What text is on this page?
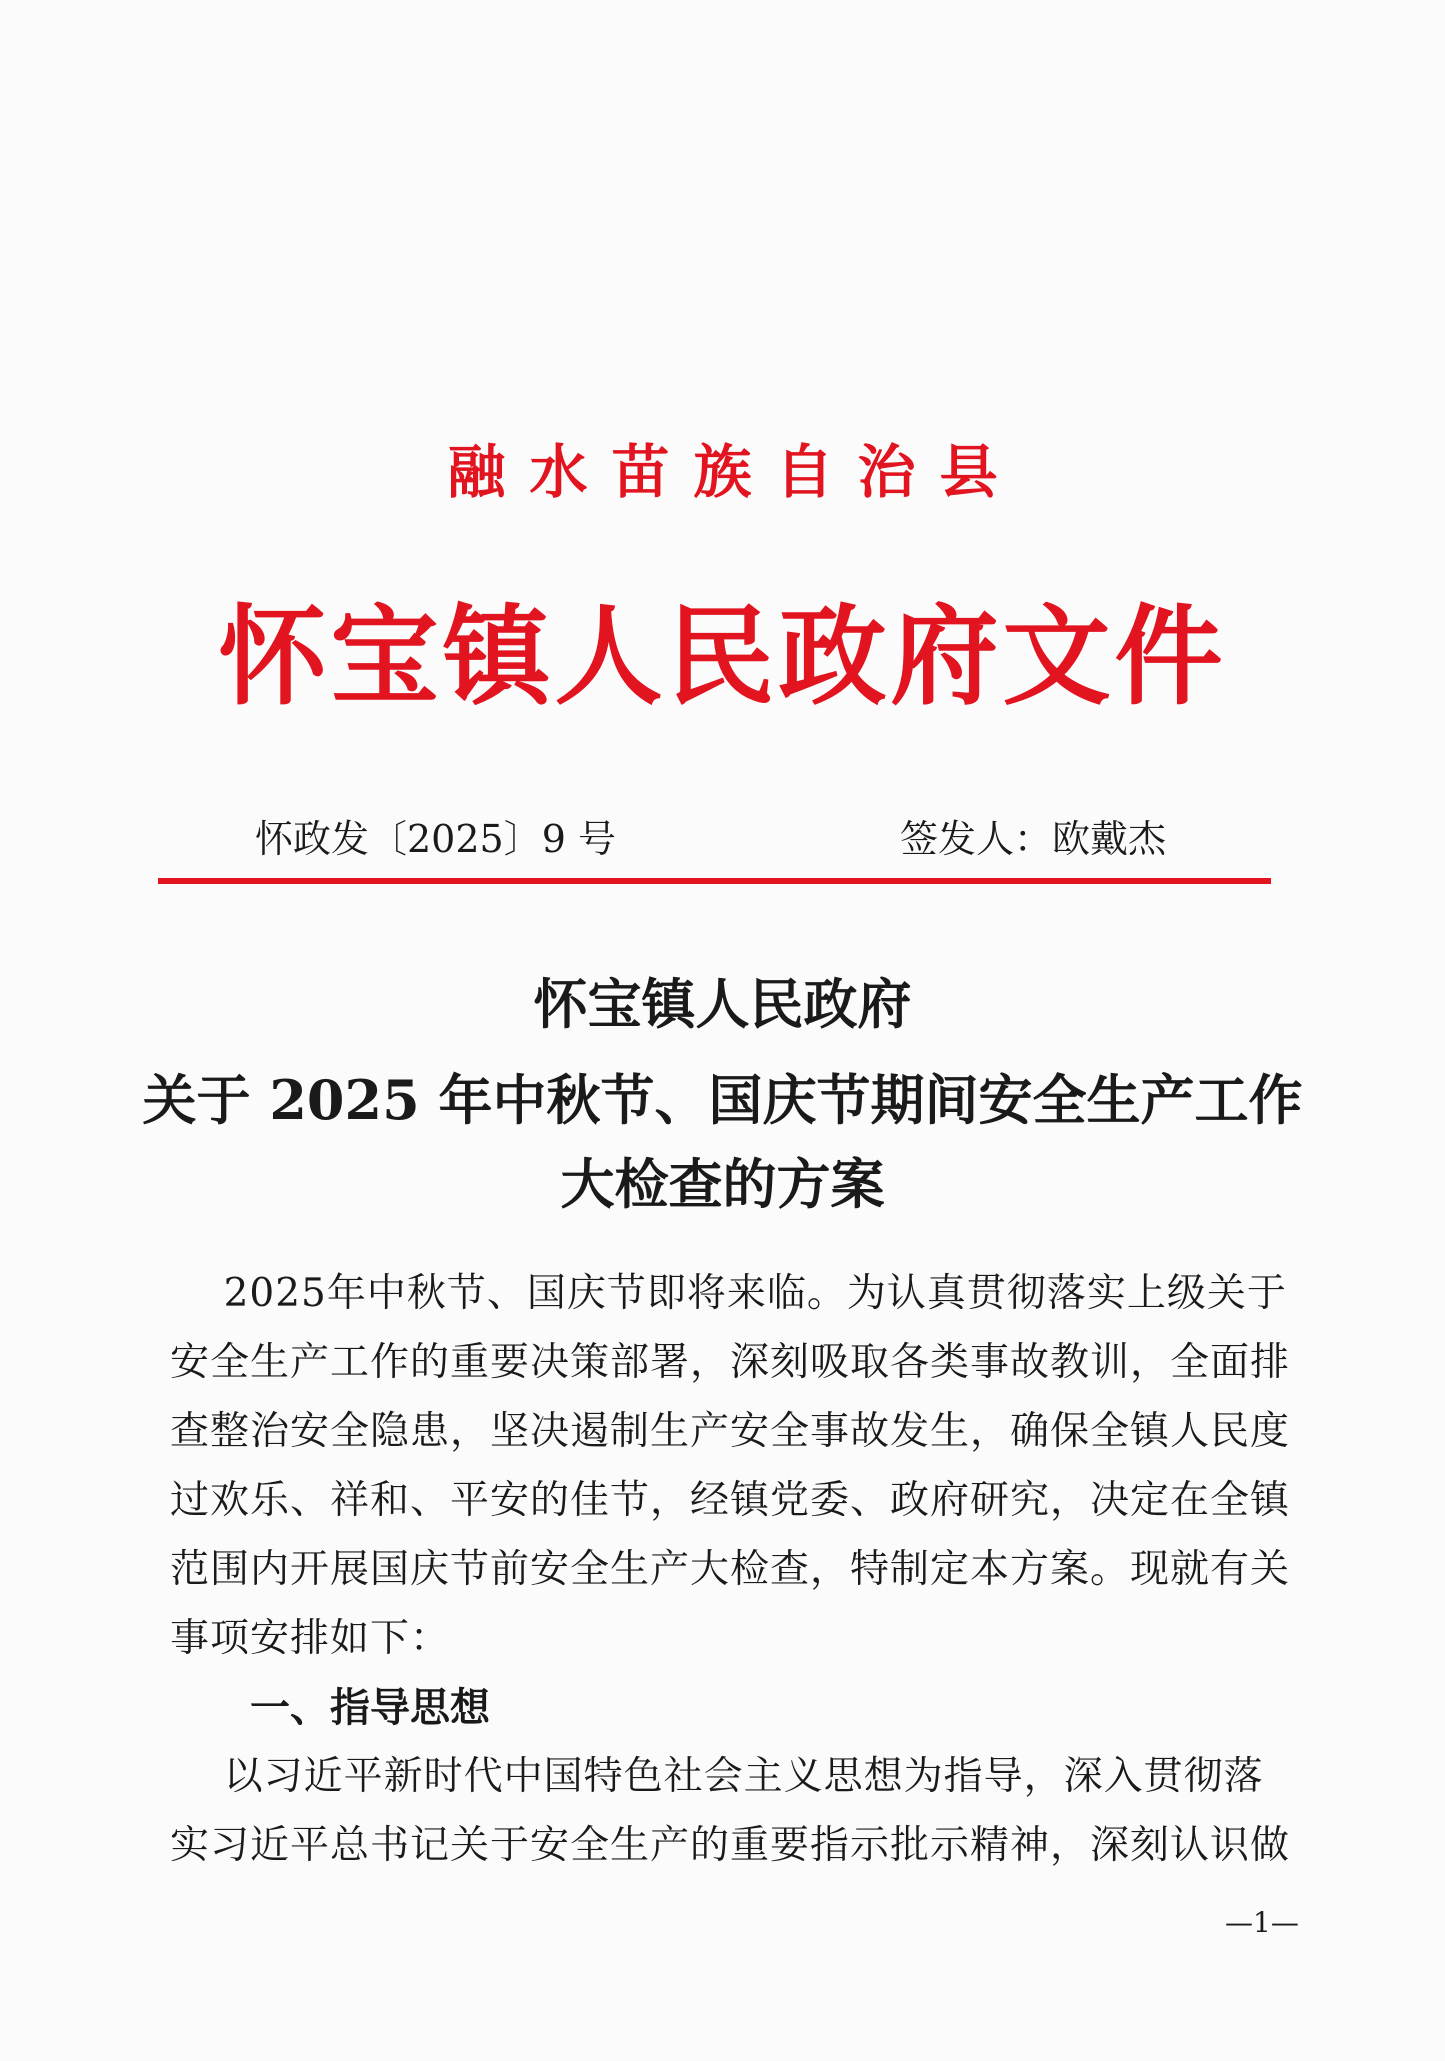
融水苗族自治县
怀宝镇人民政府文件
怀政发〔2025〕9 号	签发人：欧戴杰
怀宝镇人民政府
关于 2025 年中秋节、国庆节期间安全生产工作
大检查的方案
2025年中秋节、国庆节即将来临。为认真贯彻落实上级关于
安全生产工作的重要决策部署，深刻吸取各类事故教训，全面排
查整治安全隐患，坚决遏制生产安全事故发生，确保全镇人民度
过欢乐、祥和、平安的佳节，经镇党委、政府研究，决定在全镇
范围内开展国庆节前安全生产大检查，特制定本方案。现就有关
事项安排如下：
一、指导思想
以习近平新时代中国特色社会主义思想为指导，深入贯彻落
实习近平总书记关于安全生产的重要指示批示精神，深刻认识做
—1—
